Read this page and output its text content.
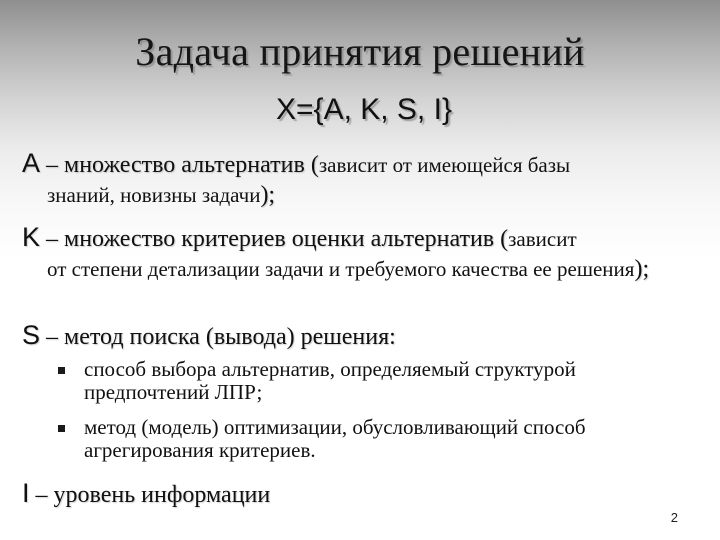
Задача принятия решений
X={A, K, S, I}
A – множество альтернатив (зависит от имеющейся базы
знаний, новизны задачи);
K – множество критериев оценки альтернатив (зависит
от степени детализации задачи и требуемого качества ее решения);
S – метод поиска (вывода) решения:
способ выбора альтернатив, определяемый структурой предпочтений ЛПР;
метод (модель) оптимизации, обусловливающий способ агрегирования критериев.
I – уровень информации
2
